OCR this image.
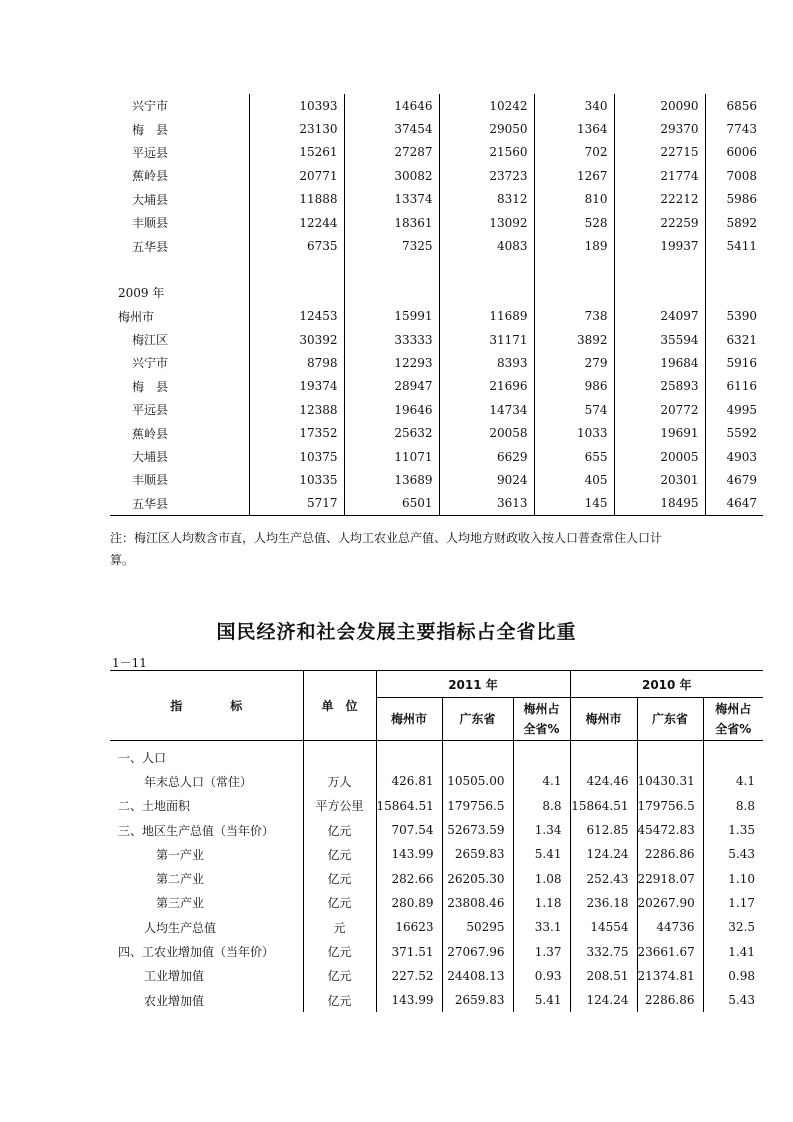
兴宁市	10393	14646	10242	340	20090	6856
梅　县	23130	37454	29050	1364	29370	7743
平远县	15261	27287	21560	702	22715	6006
蕉岭县	20771	30082	23723	1267	21774	7008
大埔县	11888	13374	8312	810	22212	5986
丰顺县	12244	18361	13092	528	22259	5892
五华县	6735	7325	4083	189	19937	5411

2009 年						
梅州市	12453	15991	11689	738	24097	5390
梅江区	30392	33333	31171	3892	35594	6321
兴宁市	8798	12293	8393	279	19684	5916
梅　县	19374	28947	21696	986	25893	6116
平远县	12388	19646	14734	574	20772	4995
蕉岭县	17352	25632	20058	1033	19691	5592
大埔县	10375	11071	6629	655	20005	4903
丰顺县	10335	13689	9024	405	20301	4679
五华县	5717	6501	3613	145	18495	4647

注：梅江区人均数含市直，人均生产总值、人均工农业总产值、人均地方财政收入按人口普查常住人口计
算。

国民经济和社会发展主要指标占全省比重
1－11
指　　　　标	单　位	2011 年			2010 年		
		梅州市	广东省	梅州占
全省%	梅州市	广东省	梅州占
全省%
一、人口							
年末总人口（常住）	万人	426.81	10505.00	4.1	424.46	10430.31	4.1
二、土地面积	平方公里	15864.51	179756.5	8.8	15864.51	179756.5	8.8
三、地区生产总值（当年价）	亿元	707.54	52673.59	1.34	612.85	45472.83	1.35
第一产业	亿元	143.99	2659.83	5.41	124.24	2286.86	5.43
第二产业	亿元	282.66	26205.30	1.08	252.43	22918.07	1.10
第三产业	亿元	280.89	23808.46	1.18	236.18	20267.90	1.17
人均生产总值	元	16623	50295	33.1	14554	44736	32.5
四、工农业增加值（当年价）	亿元	371.51	27067.96	1.37	332.75	23661.67	1.41
工业增加值	亿元	227.52	24408.13	0.93	208.51	21374.81	0.98
农业增加值	亿元	143.99	2659.83	5.41	124.24	2286.86	5.43
